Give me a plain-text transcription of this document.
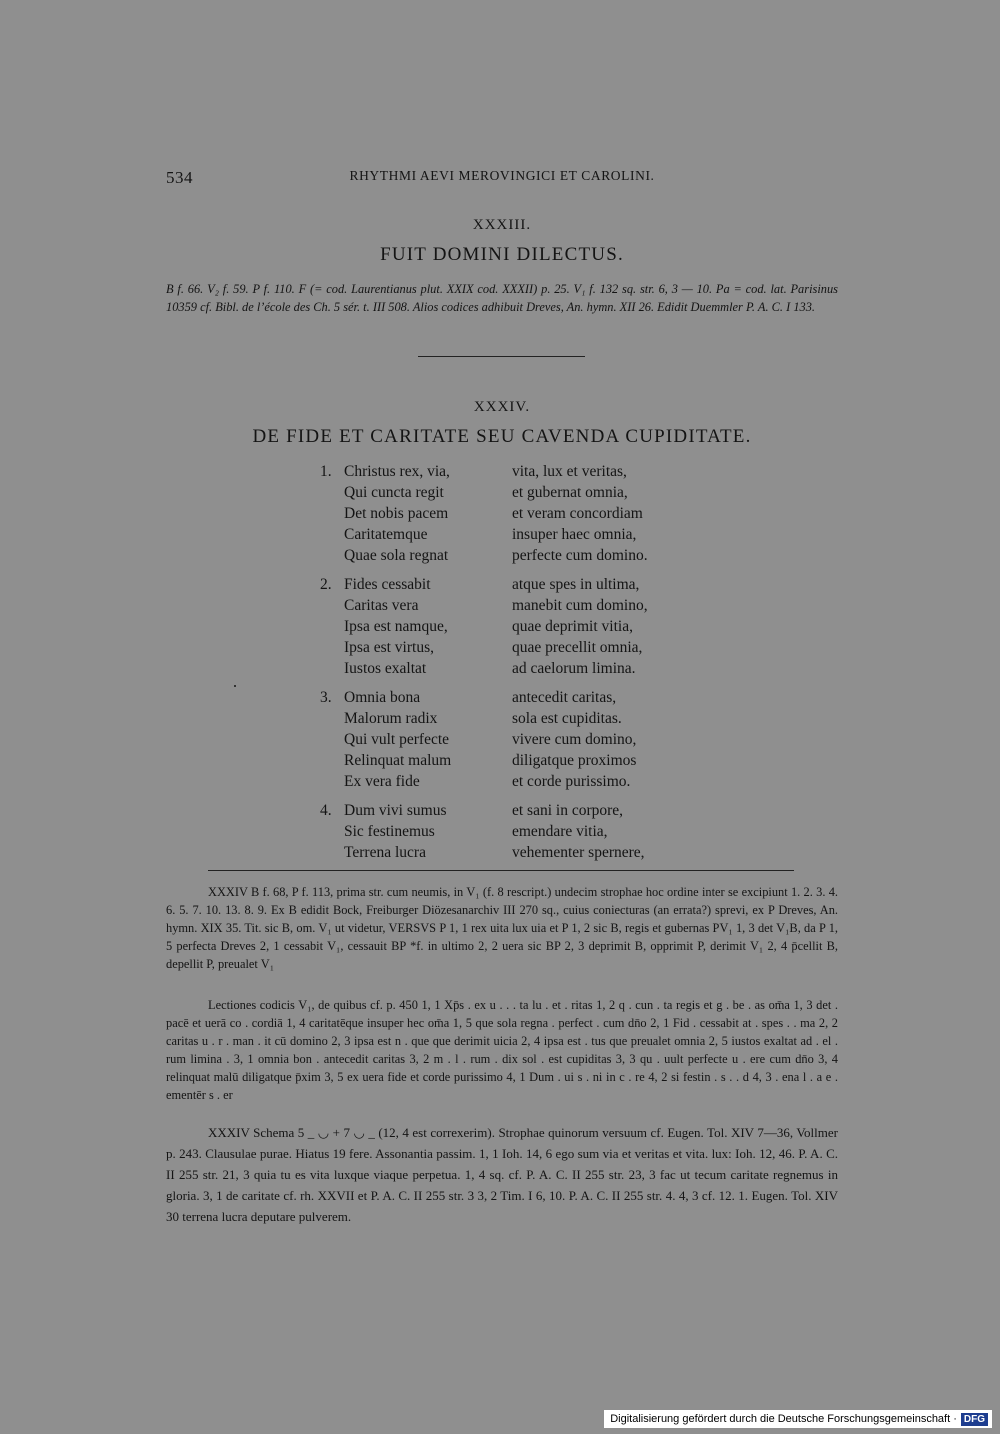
534	RHYTHMI AEVI MEROVINGICI ET CAROLINI.
XXXIII.
FUIT DOMINI DILECTUS.
B f. 66. V₂ f. 59. P f. 110. F (= cod. Laurentianus plut. XXIX cod. XXXII) p. 25. V₁ f. 132 sq. str. 6, 3 — 10. Pa = cod. lat. Parisinus 10359 cf. Bibl. de l’école des Ch. 5 sér. t. III 508. Alios codices adhibuit Dreves, An. hymn. XII 26. Edidit Duemmler P. A. C. I 133.
XXXIV.
DE FIDE ET CARITATE SEU CAVENDA CUPIDITATE.
1. Christus rex, via,	vita, lux et veritas,
Qui cuncta regit	et gubernat omnia,
Det nobis pacem	et veram concordiam
Caritatemque	insuper haec omnia,
Quae sola regnat	perfecte cum domino.
2. Fides cessabit	atque spes in ultima,
Caritas vera	manebit cum domino,
Ipsa est namque,	quae deprimit vitia,
Ipsa est virtus,	quae precellit omnia,
Iustos exaltat	ad caelorum limina.
3. Omnia bona	antecedit caritas,
Malorum radix	sola est cupiditas.
Qui vult perfecte	vivere cum domino,
Relinquat malum	diligatque proximos
Ex vera fide	et corde purissimo.
4. Dum vivi sumus	et sani in corpore,
Sic festinemus	emendare vitia,
Terrena lucra	vehementer spernere,
XXXIV B f. 68, P f. 113, prima str. cum neumis, in V₁ (f. 8 rescript.) undecim strophae hoc ordine inter se excipiunt 1. 2. 3. 4. 6. 5. 7. 10. 13. 8. 9. Ex B edidit Bock, Freiburger Diözesanarchiv III 270 sq., cuius coniecturas (an errata?) sprevi, ex P Dreves, An. hymn. XIX 35. Tit. sic B, om. V₁ ut videtur, VERSVS P 1, 1 rex uita lux uia et P 1, 2 sic B, regis et gubernas PV₁ 1, 3 det V₁B, da P 1, 5 perfecta Dreves 2, 1 cessabit V₁, cessauit BP *f. in ultimo 2, 2 uera sic BP 2, 3 deprimit B, opprimit P, derimit V₁ 2, 4 p̄cellit B, depellit P, preualet V₁
Lectiones codicis V₁, de quibus cf. p. 450 1, 1 Xp̄s . ex u . . . ta lu . et . ritas 1, 2 q . cun . ta regis et g . be . as om̄a 1, 3 det . pacē et uerā co . cordiā 1, 4 caritatēque insuper hec om̄a 1, 5 que sola regna . perfect . cum dn̄o 2, 1 Fid . cessabit at . spes . . ma 2, 2 caritas u . r . man . it cū domino 2, 3 ipsa est n . que que derimit uicia 2, 4 ipsa est . tus que preualet omnia 2, 5 iustos exaltat ad . el . rum limina . 3, 1 omnia bon . antecedit caritas 3, 2 m . l . rum . dix sol . est cupiditas 3, 3 qu . uult perfecte u . ere cum dn̄o 3, 4 relinquat malū diligatque p̄xim 3, 5 ex uera fide et corde purissimo 4, 1 Dum . ui s . ni in c . re 4, 2 si festin . s . . d 4, 3 . ena l . a e . ementēr s . er
XXXIV Schema 5 _ ◡ + 7 ◡ _ (12, 4 est correxerim). Strophae quinorum versuum cf. Eugen. Tol. XIV 7—36, Vollmer p. 243. Clausulae purae. Hiatus 19 fere. Assonantia passim. 1, 1 Ioh. 14, 6 ego sum via et veritas et vita. lux: Ioh. 12, 46. P. A. C. II 255 str. 21, 3 quia tu es vita luxque viaque perpetua. 1, 4 sq. cf. P. A. C. II 255 str. 23, 3 fac ut tecum caritate regnemus in gloria. 3, 1 de caritate cf. rh. XXVII et P. A. C. II 255 str. 3 3, 2 Tim. I 6, 10. P. A. C. II 255 str. 4. 4, 3 cf. 12. 1. Eugen. Tol. XIV 30 terrena lucra deputare pulverem.
Digitalisierung gefördert durch die Deutsche Forschungsgemeinschaft · DFG
